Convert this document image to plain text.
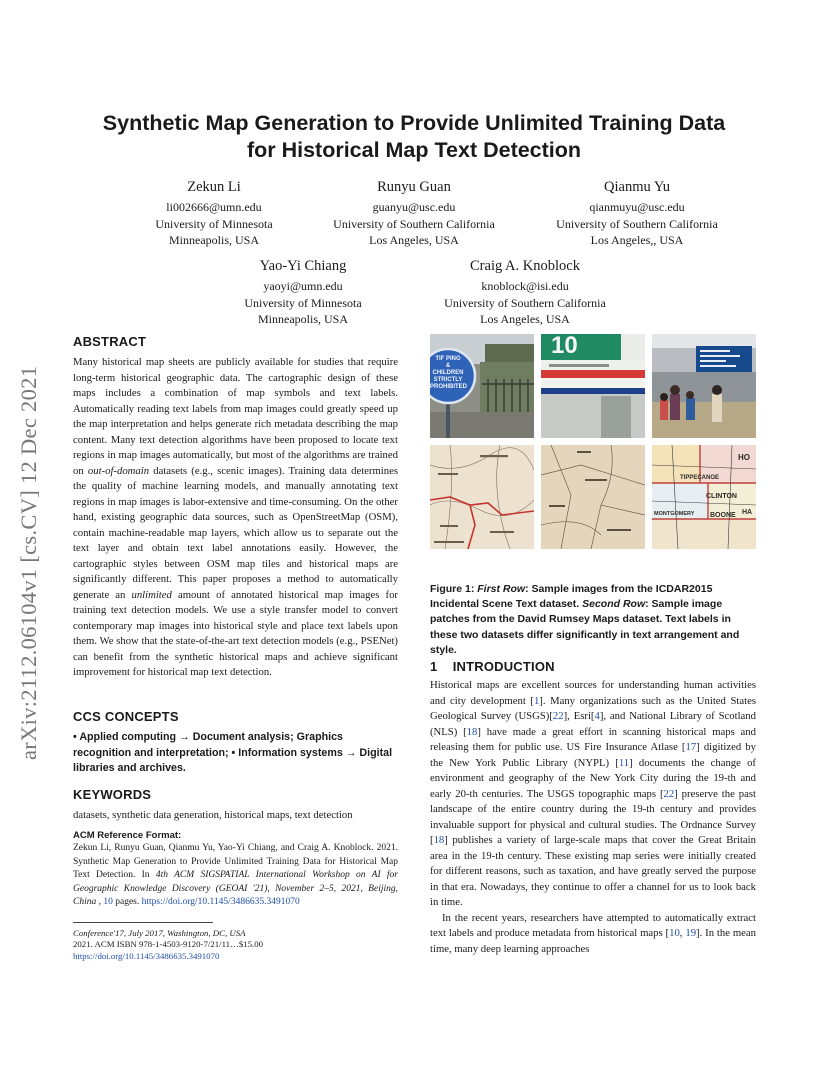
arXiv:2112.06104v1 [cs.CV] 12 Dec 2021
Synthetic Map Generation to Provide Unlimited Training Data
for Historical Map Text Detection
Zekun Li
li002666@umn.edu
University of Minnesota
Minneapolis, USA
Runyu Guan
guanyu@usc.edu
University of Southern California
Los Angeles, USA
Qianmu Yu
qianmuyu@usc.edu
University of Southern California
Los Angeles,, USA
Yao-Yi Chiang
yaoyi@umn.edu
University of Minnesota
Minneapolis, USA
Craig A. Knoblock
knoblock@isi.edu
University of Southern California
Los Angeles, USA
ABSTRACT

Many historical map sheets are publicly available for studies that require long-term historical geographic data. The cartographic design of these maps includes a combination of map symbols and text labels. Automatically reading text labels from map images could greatly speed up the map interpretation and helps generate rich metadata describing the map content. Many text detection algorithms have been proposed to locate text regions in map images automatically, but most of the algorithms are trained on out-of-domain datasets (e.g., scenic images). Training data determines the quality of machine learning models, and manually annotating text regions in map images is labor-extensive and time-consuming. On the other hand, existing geographic data sources, such as OpenStreetMap (OSM), contain machine-readable map layers, which allow us to separate out the text layer and obtain text label annotations easily. However, the cartographic styles between OSM map tiles and historical maps are significantly different. This paper proposes a method to automatically generate an unlimited amount of annotated historical map images for training text detection models. We use a style transfer model to convert contemporary map images into historical style and place text labels upon them. We show that the state-of-the-art text detection models (e.g., PSENet) can benefit from the synthetic historical maps and achieve significant improvement for historical map text detection.

CCS CONCEPTS

• Applied computing → Document analysis; Graphics recognition and interpretation; • Information systems → Digital libraries and archives.

KEYWORDS

datasets, synthetic data generation, historical maps, text detection

ACM Reference Format:

Zekun Li, Runyu Guan, Qianmu Yu, Yao-Yi Chiang, and Craig A. Knoblock. 2021. Synthetic Map Generation to Provide Unlimited Training Data for Historical Map Text Detection. In 4th ACM SIGSPATIAL International Workshop on AI for Geographic Knowledge Discovery (GEOAI '21), November 2–5, 2021, Beijing, China , 10 pages. https://doi.org/10.1145/3486635.3491070

Conference'17, July 2017, Washington, DC, USA

2021. ACM ISBN 978-1-4503-9120-7/21/11…$15.00

https://doi.org/10.1145/3486635.3491070

TIF PING
& CHILDREN
STRICTLY
PROHIBITED
10
TIPPECANOE
CLINTON
MONTGOMERY BOONE
HO
HA

Figure 1: First Row: Sample images from the ICDAR2015 Incidental Scene Text dataset. Second Row: Sample image patches from the David Rumsey Maps dataset. Text labels in these two datasets differ significantly in text arrangement and style.

1 INTRODUCTION

Historical maps are excellent sources for understanding human activities and city development [1]. Many organizations such as the United States Geological Survey (USGS)[22], Esri[4], and National Library of Scotland (NLS) [18] have made a great effort in scanning historical maps and releasing them for public use. US Fire Insurance Atlase [17] digitized by the New York Public Library (NYPL) [11] documents the change of environment and geography of the New York City during the 19-th and early 20-th centuries. The USGS topographic maps [22] preserve the past landscape of the entire country during the 19-th century and provides invaluable support for physical and cultural studies. The Ordnance Survey [18] publishes a variety of large-scale maps that cover the Great Britain area in the 19-th century. These existing map series were initially created for different reasons, such as taxation, and have greatly served the purpose in that era. Nowadays, they continue to offer a channel for us to look back in time.

In the recent years, researchers have attempted to automatically extract text labels and produce metadata from historical maps [10, 19]. In the mean time, many deep learning approaches
